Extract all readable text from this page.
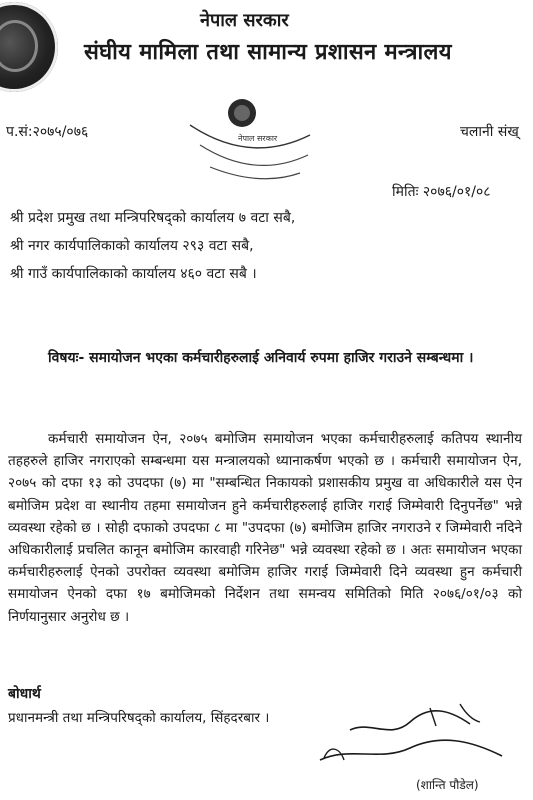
नेपाल सरकार
संघीय मामिला तथा सामान्य प्रशासन मन्त्रालय
प.सं:२०७५/०७६	चलानी संख्
नेपाल सरकार
मितिः २०७६/०१/०८
श्री प्रदेश प्रमुख तथा मन्त्रिपरिषद्को कार्यालय ७ वटा सबै,
श्री नगर कार्यपालिकाको कार्यालय २९३ वटा सबै,
श्री गाउँ कार्यपालिकाको कार्यालय ४६० वटा सबै ।
विषयः- समायोजन भएका कर्मचारीहरुलाई अनिवार्य रुपमा हाजिर गराउने सम्बन्धमा ।
कर्मचारी समायोजन ऐन, २०७५ बमोजिम समायोजन भएका कर्मचारीहरुलाई कतिपय स्थानीय तहहरुले हाजिर नगराएको सम्बन्धमा यस मन्त्रालयको ध्यानाकर्षण भएको छ । कर्मचारी समायोजन ऐन, २०७५ को दफा १३ को उपदफा (७) मा "सम्बन्धित निकायको प्रशासकीय प्रमुख वा अधिकारीले यस ऐन बमोजिम प्रदेश वा स्थानीय तहमा समायोजन हुने कर्मचारीहरुलाई हाजिर गराई जिम्मेवारी दिनुपर्नेछ" भन्ने व्यवस्था रहेको छ । सोही दफाको उपदफा ८ मा "उपदफा (७) बमोजिम हाजिर नगराउने र जिम्मेवारी नदिने अधिकारीलाई प्रचलित कानून बमोजिम कारवाही गरिनेछ" भन्ने व्यवस्था रहेको छ । अतः समायोजन भएका कर्मचारीहरुलाई ऐनको उपरोक्त व्यवस्था बमोजिम हाजिर गराई जिम्मेवारी दिने व्यवस्था हुन कर्मचारी समायोजन ऐनको दफा १७ बमोजिमको निर्देशन तथा समन्वय समितिको मिति २०७६/०१/०३ को निर्णयानुसार अनुरोध छ ।
बोधार्थ
प्रधानमन्त्री तथा मन्त्रिपरिषद्को कार्यालय, सिंहदरबार ।
(शान्ति पौडेल)
